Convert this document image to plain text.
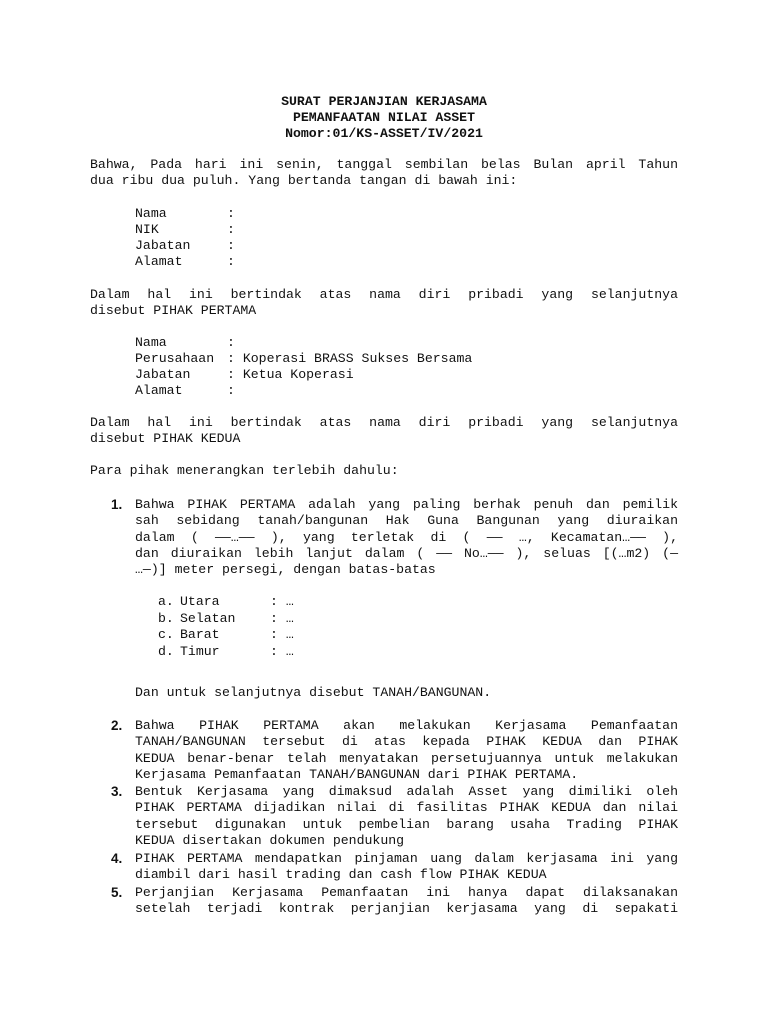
SURAT PERJANJIAN KERJASAMA
PEMANFAATAN NILAI ASSET
Nomor:01/KS-ASSET/IV/2021
Bahwa, Pada hari ini senin, tanggal sembilan belas Bulan april Tahun
dua ribu dua puluh. Yang bertanda tangan di bawah ini:
Nama	:
NIK	:
Jabatan	:
Alamat	:
Dalam hal ini bertindak atas nama diri pribadi yang selanjutnya
disebut PIHAK PERTAMA
Nama	:
Perusahaan : Koperasi BRASS Sukses Bersama
Jabatan	: Ketua Koperasi
Alamat	:
Dalam hal ini bertindak atas nama diri pribadi yang selanjutnya
disebut PIHAK KEDUA
Para pihak menerangkan terlebih dahulu:
1. Bahwa PIHAK PERTAMA adalah yang paling berhak penuh dan pemilik
sah sebidang tanah/bangunan Hak Guna Bangunan yang diuraikan
dalam ( ——…—— ), yang terletak di ( —— …, Kecamatan…—— ),
dan diuraikan lebih lanjut dalam ( —— No…—— ), seluas [(…m2) (—
…—)] meter persegi, dengan batas-batas
a. Utara	: …
b. Selatan	: …
c. Barat	: …
d. Timur	: …
Dan untuk selanjutnya disebut TANAH/BANGUNAN.
2. Bahwa PIHAK PERTAMA akan melakukan Kerjasama Pemanfaatan
TANAH/BANGUNAN tersebut di atas kepada PIHAK KEDUA dan PIHAK
KEDUA benar-benar telah menyatakan persetujuannya untuk melakukan
Kerjasama Pemanfaatan TANAH/BANGUNAN dari PIHAK PERTAMA.
3. Bentuk Kerjasama yang dimaksud adalah Asset yang dimiliki oleh
PIHAK PERTAMA dijadikan nilai di fasilitas PIHAK KEDUA dan nilai
tersebut digunakan untuk pembelian barang usaha Trading PIHAK
KEDUA disertakan dokumen pendukung
4. PIHAK PERTAMA mendapatkan pinjaman uang dalam kerjasama ini yang
diambil dari hasil trading dan cash flow PIHAK KEDUA
5. Perjanjian Kerjasama Pemanfaatan ini hanya dapat dilaksanakan
setelah terjadi kontrak perjanjian kerjasama yang di sepakati
